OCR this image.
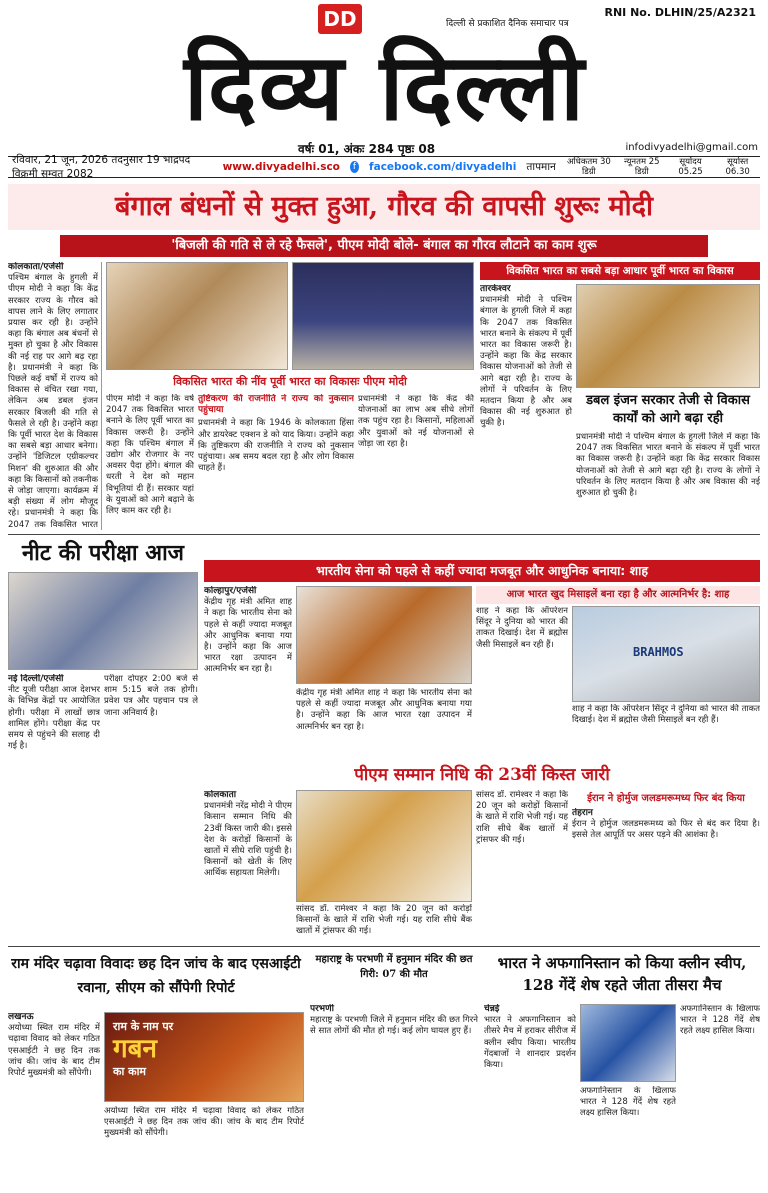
DD	दिल्ली से प्रकाशित दैनिक समाचार पत्र
RNI No. DLHIN/25/A2321
दिव्य दिल्ली
वर्षः 01, अंकः 284 पृष्ठः 08	infodivyadelhi@gmail.com
रविवार, 21 जून, 2026 तदनुसार 19 भाद्रपद विक्रमी सम्वत 2082
www.divyadelhi.sco	f facebook.com/divyadelhi तापमान अधिकतम 30 डिग्री
न्यूनतम 25 डिग्री
सूर्योदय 05.25
सूर्यास्त 06.30
बंगाल बंधनों से मुक्त हुआ, गौरव की वापसी शुरूः मोदी
'बिजली की गति से ले रहे फैसले', पीएम मोदी बोले- बंगाल का गौरव लौटाने का काम शुरू
कोलकाता/एजेंसी
पश्चिम बंगाल के हुगली में पीएम मोदी ने कहा कि केंद्र सरकार राज्य के गौरव को वापस लाने के लिए लगातार प्रयास कर रही है। उन्होंने कहा कि बंगाल अब बंधनों से मुक्त हो चुका है और विकास की नई राह पर आगे बढ़ रहा है। प्रधानमंत्री ने कहा कि पिछले कई वर्षों में राज्य को विकास से वंचित रखा गया, लेकिन अब डबल इंजन सरकार बिजली की गति से फैसले ले रही है। उन्होंने कहा कि पूर्वी भारत देश के विकास का सबसे बड़ा आधार बनेगा। उन्होंने 'डिजिटल एग्रीकल्चर मिशन' की शुरुआत की और कहा कि किसानों को तकनीक से जोड़ा जाएगा। कार्यक्रम में बड़ी संख्या में लोग मौजूद रहे। प्रधानमंत्री ने कहा कि 2047 तक विकसित भारत
विकसित भारत की नींव पूर्वी भारत का विकासः पीएम मोदी
पीएम मोदी ने कहा कि वर्ष 2047 तक विकसित भारत बनाने के लिए पूर्वी भारत का विकास जरूरी है। उन्होंने कहा कि पश्चिम बंगाल में उद्योग और रोजगार के नए अवसर पैदा होंगे। बंगाल की धरती ने देश को महान विभूतियां दी हैं। सरकार यहां के युवाओं को आगे बढ़ाने के लिए काम कर रही है।
तुष्टिकरण की राजनीति ने राज्य को नुकसान पहुंचाया
प्रधानमंत्री ने कहा कि 1946 के कोलकाता हिंसा और डायरेक्ट एक्शन डे को याद किया। उन्होंने कहा कि तुष्टिकरण की राजनीति ने राज्य को नुकसान पहुंचाया। अब समय बदल रहा है और लोग विकास चाहते हैं।
प्रधानमंत्री ने कहा कि केंद्र की योजनाओं का लाभ अब सीधे लोगों तक पहुंच रहा है। किसानों, महिलाओं और युवाओं को नई योजनाओं से जोड़ा जा रहा है।
विकसित भारत का सबसे बड़ा आधार पूर्वी भारत का विकास
तारकेश्वर
प्रधानमंत्री मोदी ने पश्चिम बंगाल के हुगली जिले में कहा कि 2047 तक विकसित भारत बनाने के संकल्प में पूर्वी भारत का विकास जरूरी है। उन्होंने कहा कि केंद्र सरकार विकास योजनाओं को तेजी से आगे बढ़ा रही है। राज्य के लोगों ने परिवर्तन के लिए मतदान किया है और अब विकास की नई शुरुआत हो चुकी है।
डबल इंजन सरकार तेजी से विकास कार्यों को आगे बढ़ा रही
प्रधानमंत्री मोदी ने पश्चिम बंगाल के हुगली जिले में कहा कि 2047 तक विकसित भारत बनाने के संकल्प में पूर्वी भारत का विकास जरूरी है। उन्होंने कहा कि केंद्र सरकार विकास योजनाओं को तेजी से आगे बढ़ा रही है। राज्य के लोगों ने परिवर्तन के लिए मतदान किया है और अब विकास की नई शुरुआत हो चुकी है।
नीट की परीक्षा आज
नई दिल्ली/एजेंसी
नीट यूजी परीक्षा आज देशभर के विभिन्न केंद्रों पर आयोजित होगी। परीक्षा में लाखों छात्र शामिल होंगे। परीक्षा केंद्र पर समय से पहुंचने की सलाह दी गई है।
परीक्षा दोपहर 2:00 बजे से शाम 5:15 बजे तक होगी। प्रवेश पत्र और पहचान पत्र ले जाना अनिवार्य है।
भारतीय सेना को पहले से कहीं ज्यादा मजबूत और आधुनिक बनाया: शाह
कोल्हापुर/एजेंसी
केंद्रीय गृह मंत्री अमित शाह ने कहा कि भारतीय सेना को पहले से कहीं ज्यादा मजबूत और आधुनिक बनाया गया है। उन्होंने कहा कि आज भारत रक्षा उत्पादन में आत्मनिर्भर बन रहा है।
केंद्रीय गृह मंत्री अमित शाह ने कहा कि भारतीय सेना को पहले से कहीं ज्यादा मजबूत और आधुनिक बनाया गया है। उन्होंने कहा कि आज भारत रक्षा उत्पादन में आत्मनिर्भर बन रहा है।
आज भारत खुद मिसाइलें बना रहा है और आत्मनिर्भर है: शाह
शाह ने कहा कि ऑपरेशन सिंदूर ने दुनिया को भारत की ताकत दिखाई। देश में ब्रह्मोस जैसी मिसाइलें बन रही हैं।
BRAHMOS
शाह ने कहा कि ऑपरेशन सिंदूर ने दुनिया को भारत की ताकत दिखाई। देश में ब्रह्मोस जैसी मिसाइलें बन रही हैं।
पीएम सम्मान निधि की 23वीं किस्त जारी
कोलकाता
प्रधानमंत्री नरेंद्र मोदी ने पीएम किसान सम्मान निधि की 23वीं किस्त जारी की। इससे देश के करोड़ों किसानों के खातों में सीधे राशि पहुंची है। किसानों को खेती के लिए आर्थिक सहायता मिलेगी।
सांसद डॉ. रामेश्वर ने कहा कि 20 जून को करोड़ों किसानों के खाते में राशि भेजी गई। यह राशि सीधे बैंक खातों में ट्रांसफर की गई।
सांसद डॉ. रामेश्वर ने कहा कि 20 जून को करोड़ों किसानों के खाते में राशि भेजी गई। यह राशि सीधे बैंक खातों में ट्रांसफर की गई।
ईरान ने होर्मुज जलडमरूमध्य फिर बंद किया
तेहरान
ईरान ने होर्मुज जलडमरूमध्य को फिर से बंद कर दिया है। इससे तेल आपूर्ति पर असर पड़ने की आशंका है।
राम मंदिर चढ़ावा विवादः छह दिन जांच के बाद एसआईटी रवाना, सीएम को सौंपेगी रिपोर्ट
लखनऊ
अयोध्या स्थित राम मंदिर में चढ़ावा विवाद को लेकर गठित एसआईटी ने छह दिन तक जांच की। जांच के बाद टीम रिपोर्ट मुख्यमंत्री को सौंपेगी।
राम के नाम पर
गबन
का काम
अयोध्या स्थित राम मंदिर में चढ़ावा विवाद को लेकर गठित एसआईटी ने छह दिन तक जांच की। जांच के बाद टीम रिपोर्ट मुख्यमंत्री को सौंपेगी।
महाराष्ट्र के परभणी में हनुमान मंदिर की छत गिरी: 07 की मौत
परभणी
महाराष्ट्र के परभणी जिले में हनुमान मंदिर की छत गिरने से सात लोगों की मौत हो गई। कई लोग घायल हुए हैं।
भारत ने अफगानिस्तान को किया क्लीन स्वीप, 128 गेंदें शेष रहते जीता तीसरा मैच
चेन्नई
भारत ने अफगानिस्तान को तीसरे मैच में हराकर सीरीज में क्लीन स्वीप किया। भारतीय गेंदबाजों ने शानदार प्रदर्शन किया।
अफगानिस्तान के खिलाफ भारत ने 128 गेंदें शेष रहते लक्ष्य हासिल किया।
अफगानिस्तान के खिलाफ भारत ने 128 गेंदें शेष रहते लक्ष्य हासिल किया।
